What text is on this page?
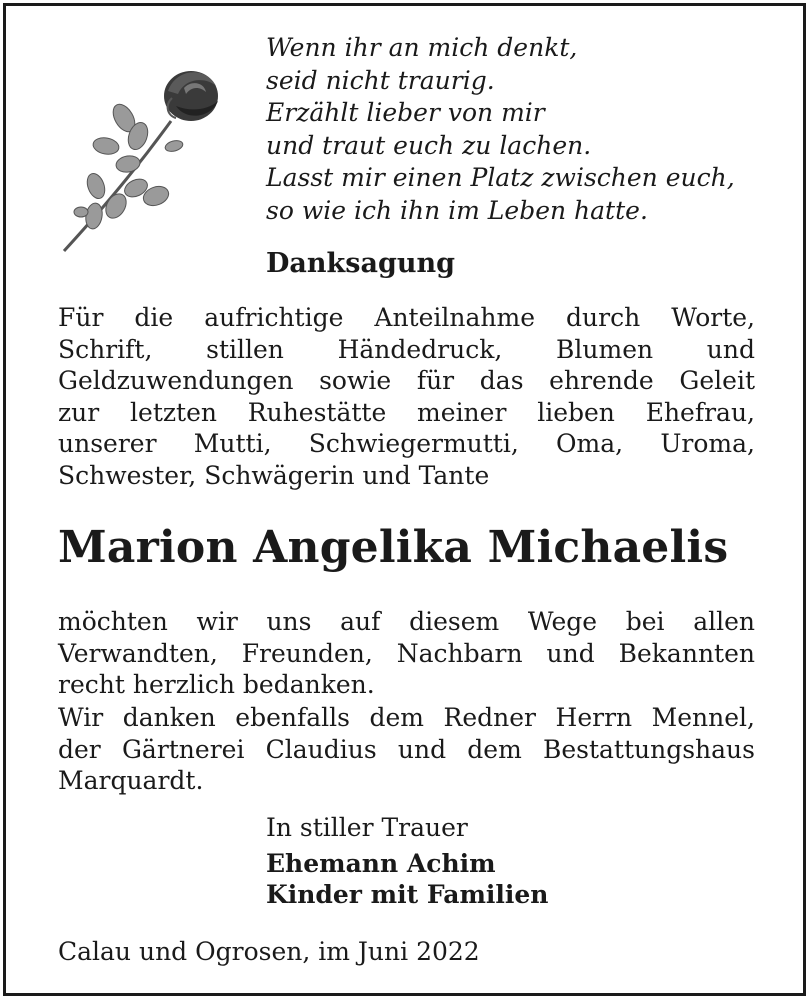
Wenn ihr an mich denkt,
seid nicht traurig.
Erzählt lieber von mir
und traut euch zu lachen.
Lasst mir einen Platz zwischen euch,
so wie ich ihn im Leben hatte.
Danksagung
Für die aufrichtige Anteilnahme durch Worte,
Schrift, stillen Händedruck, Blumen und
Geldzuwendungen sowie für das ehrende Geleit
zur letzten Ruhestätte meiner lieben Ehefrau,
unserer Mutti, Schwiegermutti, Oma, Uroma,
Schwester, Schwägerin und Tante
Marion Angelika Michaelis
möchten wir uns auf diesem Wege bei allen
Verwandten, Freunden, Nachbarn und Bekannten
recht herzlich bedanken.
Wir danken ebenfalls dem Redner Herrn Mennel,
der Gärtnerei Claudius und dem Bestattungshaus
Marquardt.
In stiller Trauer
Ehemann Achim
Kinder mit Familien
Calau und Ogrosen, im Juni 2022
